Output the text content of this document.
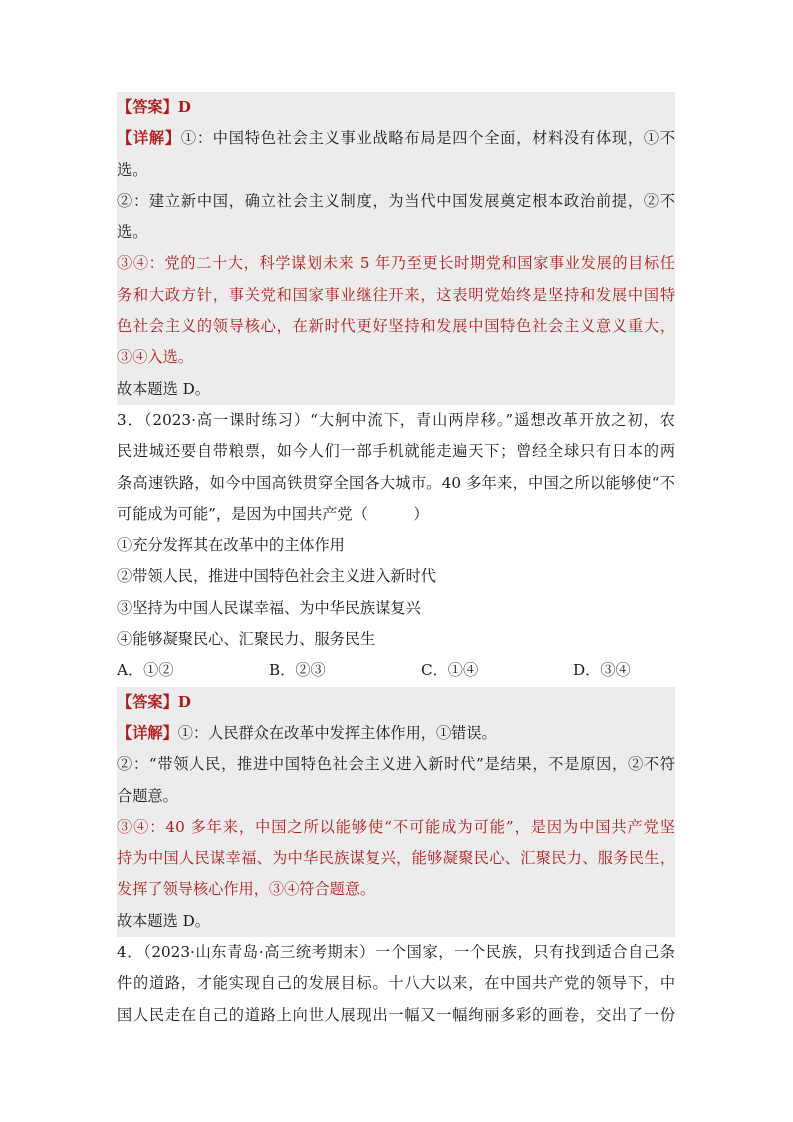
【答案】D
【详解】①：中国特色社会主义事业战略布局是四个全面，材料没有体现，①不
选。
②：建立新中国，确立社会主义制度，为当代中国发展奠定根本政治前提，②不
选。
③④：党的二十大，科学谋划未来 5 年乃至更长时期党和国家事业发展的目标任
务和大政方针，事关党和国家事业继往开来，这表明党始终是坚持和发展中国特
色社会主义的领导核心，在新时代更好坚持和发展中国特色社会主义意义重大，
③④入选。
故本题选 D。
3．（2023·高一课时练习）“大舸中流下，青山两岸移。”遥想改革开放之初，农
民进城还要自带粮票，如今人们一部手机就能走遍天下；曾经全球只有日本的两
条高速铁路，如今中国高铁贯穿全国各大城市。40 多年来，中国之所以能够使“不
可能成为可能”，是因为中国共产党（　　　）
①充分发挥其在改革中的主体作用
②带领人民，推进中国特色社会主义进入新时代
③坚持为中国人民谋幸福、为中华民族谋复兴
④能够凝聚民心、汇聚民力、服务民生
A．①②	B．②③	C．①④	D．③④
【答案】D
【详解】①：人民群众在改革中发挥主体作用，①错误。
②：“带领人民，推进中国特色社会主义进入新时代”是结果，不是原因，②不符
合题意。
③④：40 多年来，中国之所以能够使“不可能成为可能”，是因为中国共产党坚
持为中国人民谋幸福、为中华民族谋复兴，能够凝聚民心、汇聚民力、服务民生，
发挥了领导核心作用，③④符合题意。
故本题选 D。
4．（2023·山东青岛·高三统考期末）一个国家，一个民族，只有找到适合自己条
件的道路，才能实现自己的发展目标。十八大以来，在中国共产党的领导下，中
国人民走在自己的道路上向世人展现出一幅又一幅绚丽多彩的画卷，交出了一份
